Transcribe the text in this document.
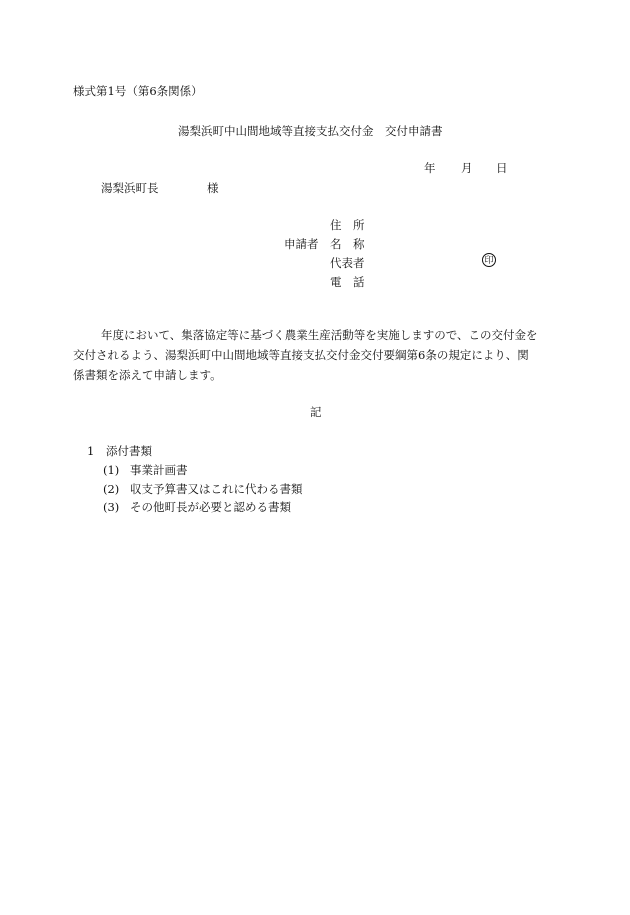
様式第1号（第6条関係）
湯梨浜町中山間地域等直接支払交付金　交付申請書
年 月 日
湯梨浜町長	様
住　所
申請者 名　称
代表者	印
電　話
年度において、集落協定等に基づく農業生産活動等を実施しますので、この交付金を
交付されるよう、湯梨浜町中山間地域等直接支払交付金交付要綱第6条の規定により、関
係書類を添えて申請します。
記
1 添付書類
(1) 事業計画書
(2) 収支予算書又はこれに代わる書類
(3) その他町長が必要と認める書類
